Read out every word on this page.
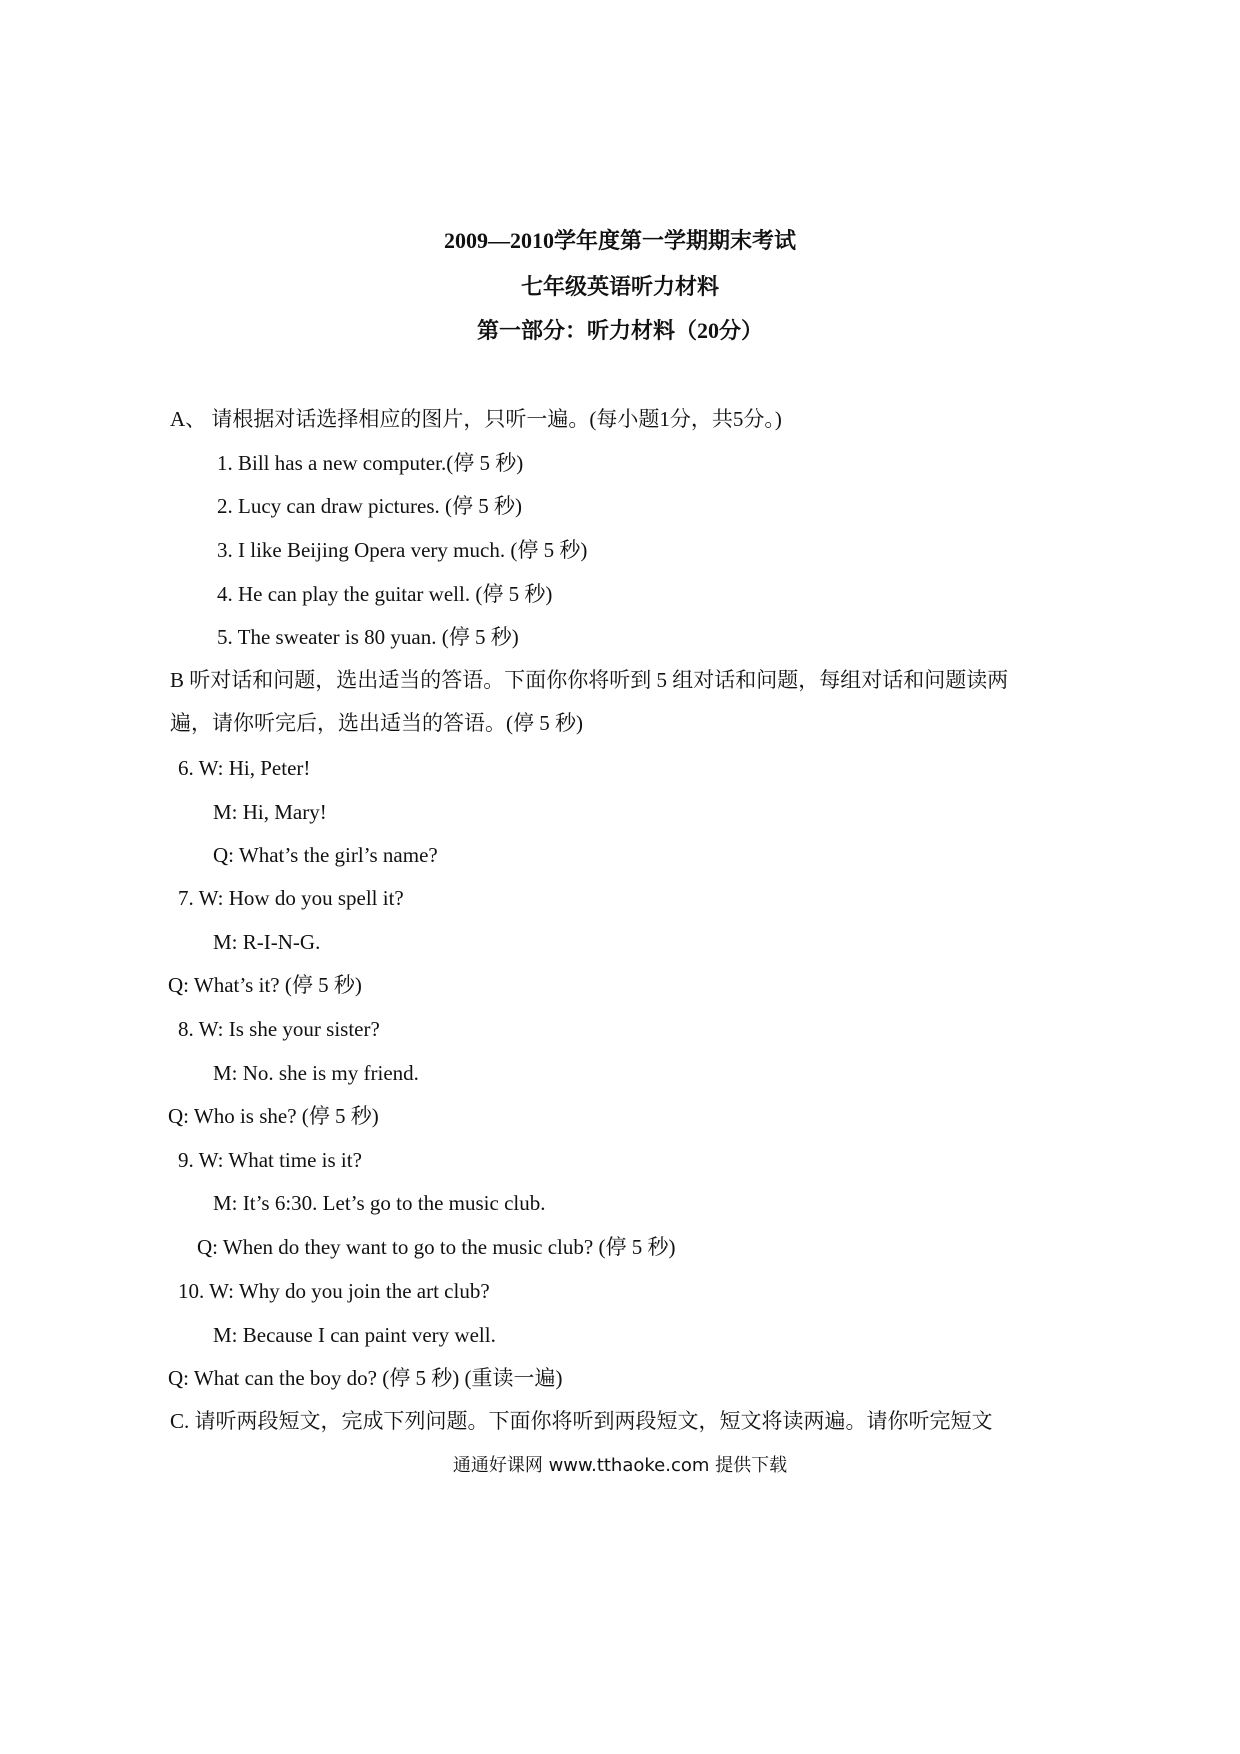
2009—2010学年度第一学期期末考试
七年级英语听力材料
第一部分：听力材料（20分）
A、 请根据对话选择相应的图片，只听一遍。(每小题1分，共5分。)
1. Bill has a new computer.(停 5 秒)
2. Lucy can draw pictures. (停 5 秒)
3. I like Beijing Opera very much. (停 5 秒)
4. He can play the guitar well. (停 5 秒)
5. The sweater is 80 yuan. (停 5 秒)
B 听对话和问题，选出适当的答语。下面你你将听到 5 组对话和问题，每组对话和问题读两
遍，请你听完后，选出适当的答语。(停 5 秒)
6. W: Hi, Peter!
M: Hi, Mary!
Q: What’s the girl’s name?
7. W: How do you spell it?
M: R-I-N-G.
Q: What’s it? (停 5 秒)
8. W: Is she your sister?
M: No. she is my friend.
Q: Who is she? (停 5 秒)
9. W: What time is it?
M: It’s 6:30. Let’s go to the music club.
Q: When do they want to go to the music club? (停 5 秒)
10. W: Why do you join the art club?
M: Because I can paint very well.
Q: What can the boy do? (停 5 秒) (重读一遍)
C. 请听两段短文，完成下列问题。下面你将听到两段短文，短文将读两遍。请你听完短文
通通好课网 www.tthaoke.com 提供下载
